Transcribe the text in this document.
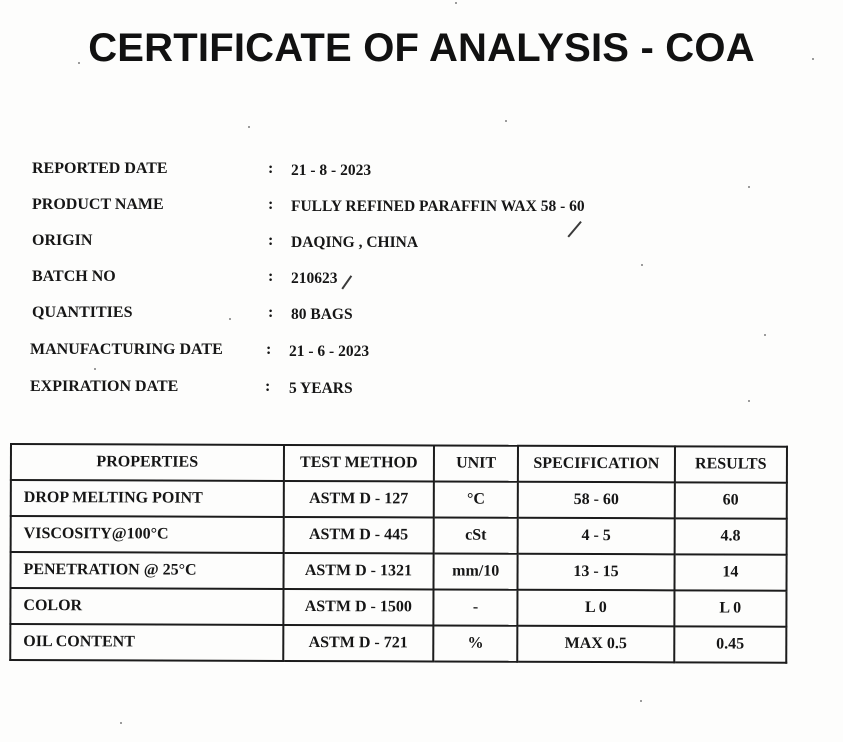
CERTIFICATE OF ANALYSIS - COA
REPORTED DATE	: 21 - 8 - 2023
PRODUCT NAME	: FULLY REFINED PARAFFIN WAX 58 - 60
ORIGIN	: DAQING , CHINA
BATCH NO	: 210623
QUANTITIES	: 80 BAGS
MANUFACTURING DATE	: 21 - 6 - 2023
EXPIRATION DATE	: 5 YEARS
PROPERTIES	TEST METHOD	UNIT	SPECIFICATION	RESULTS
DROP MELTING POINT	ASTM D - 127	°C	58 - 60	60
VISCOSITY@100°C	ASTM D - 445	cSt	4 - 5	4.8
PENETRATION @ 25°C	ASTM D - 1321	mm/10	13 - 15	14
COLOR	ASTM D - 1500	-	L 0	L 0
OIL CONTENT	ASTM D - 721	%	MAX 0.5	0.45
